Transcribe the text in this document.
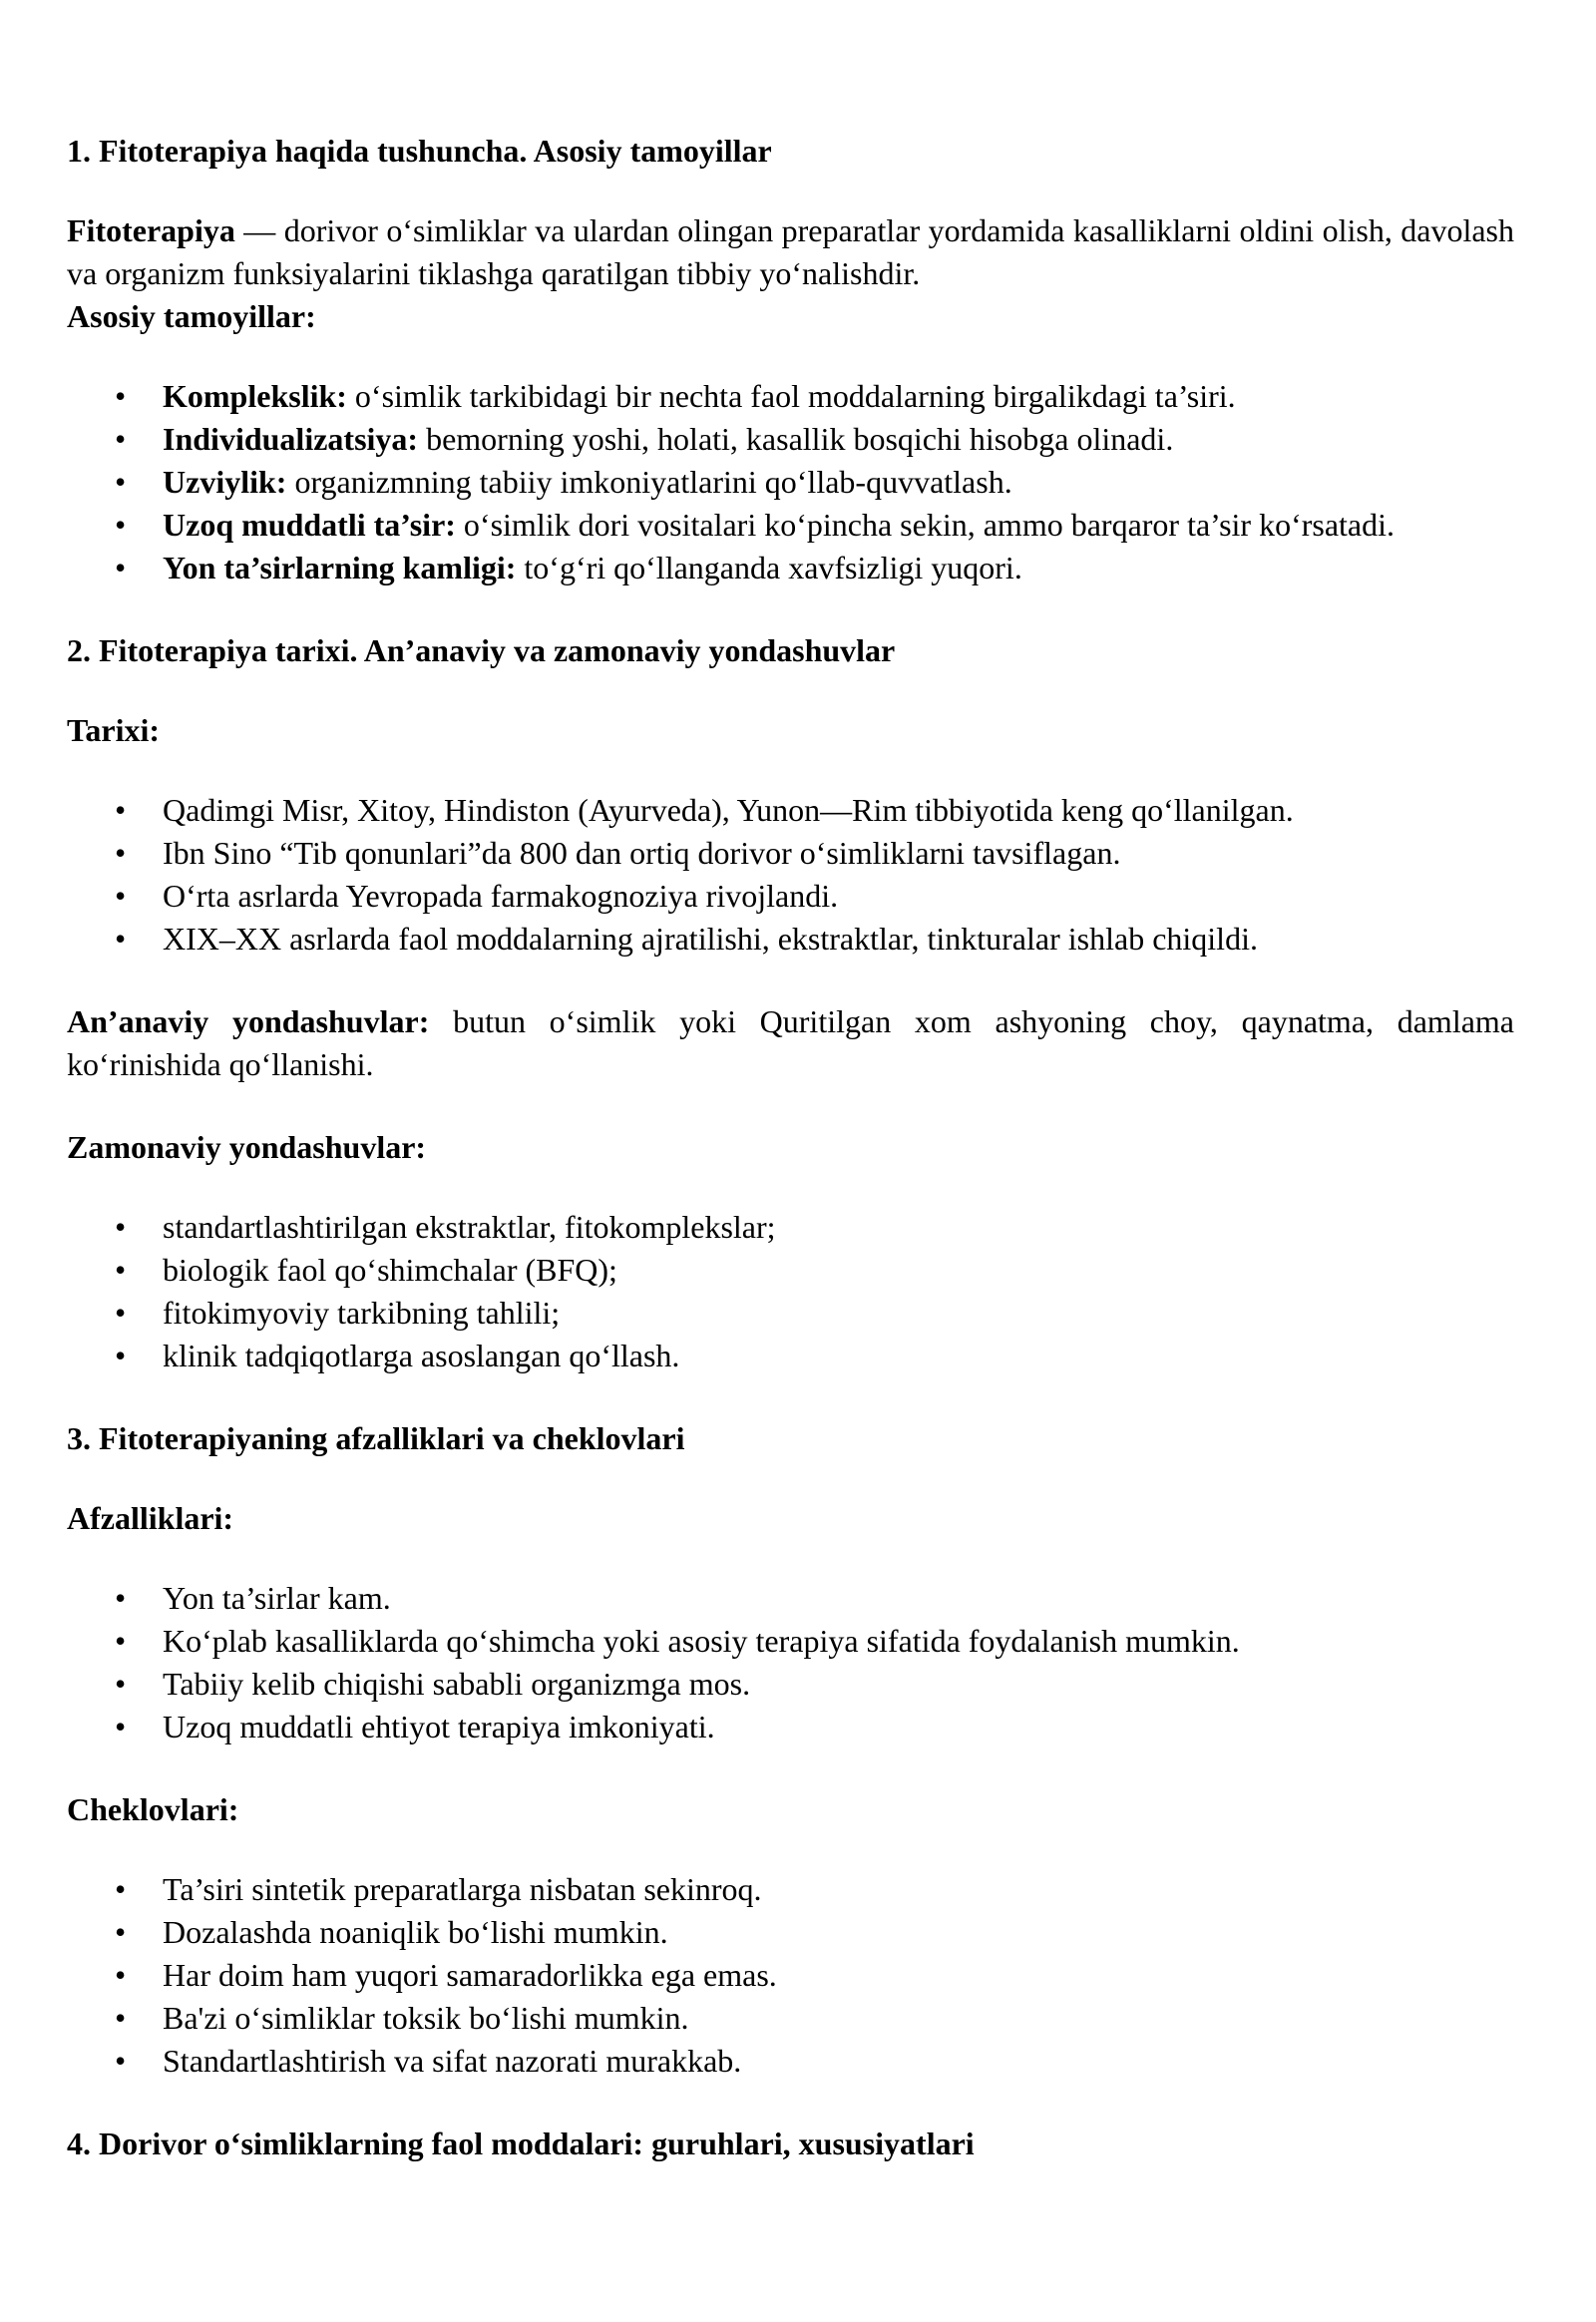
1. Fitoterapiya haqida tushuncha. Asosiy tamoyillar

Fitoterapiya — dorivor o‘simliklar va ulardan olingan preparatlar yordamida kasalliklarni oldini olish, davolash va organizm funksiyalarini tiklashga qaratilgan tibbiy yo‘nalishdir.

Asosiy tamoyillar:

• Komplekslik: o‘simlik tarkibidagi bir nechta faol moddalarning birgalikdagi ta’siri.
• Individualizatsiya: bemorning yoshi, holati, kasallik bosqichi hisobga olinadi.
• Uzviylik: organizmning tabiiy imkoniyatlarini qo‘llab-quvvatlash.
• Uzoq muddatli ta’sir: o‘simlik dori vositalari ko‘pincha sekin, ammo barqaror ta’sir ko‘rsatadi.
• Yon ta’sirlarning kamligi: to‘g‘ri qo‘llanganda xavfsizligi yuqori.
2. Fitoterapiya tarixi. An’anaviy va zamonaviy yondashuvlar

Tarixi:

• Qadimgi Misr, Xitoy, Hindiston (Ayurveda), Yunon—Rim tibbiyotida keng qo‘llanilgan.
• Ibn Sino “Tib qonunlari”da 800 dan ortiq dorivor o‘simliklarni tavsiflagan.
• O‘rta asrlarda Yevropada farmakognoziya rivojlandi.
• XIX–XX asrlarda faol moddalarning ajratilishi, ekstraktlar, tinkturalar ishlab chiqildi.

An’anaviy yondashuvlar: butun o‘simlik yoki Quritilgan xom ashyoning choy, qaynatma, damlama ko‘rinishida qo‘llanishi.

Zamonaviy yondashuvlar:

• standartlashtirilgan ekstraktlar, fitokomplekslar;
• biologik faol qo‘shimchalar (BFQ);
• fitokimyoviy tarkibning tahlili;
• klinik tadqiqotlarga asoslangan qo‘llash.
3. Fitoterapiyaning afzalliklari va cheklovlari

Afzalliklari:

• Yon ta’sirlar kam.
• Ko‘plab kasalliklarda qo‘shimcha yoki asosiy terapiya sifatida foydalanish mumkin.
• Tabiiy kelib chiqishi sababli organizmga mos.
• Uzoq muddatli ehtiyot terapiya imkoniyati.

Cheklovlari:

• Ta’siri sintetik preparatlarga nisbatan sekinroq.
• Dozalashda noaniqlik bo‘lishi mumkin.
• Har doim ham yuqori samaradorlikka ega emas.
• Ba'zi o‘simliklar toksik bo‘lishi mumkin.
• Standartlashtirish va sifat nazorati murakkab.
4. Dorivor o‘simliklarning faol moddalari: guruhlari, xususiyatlari
